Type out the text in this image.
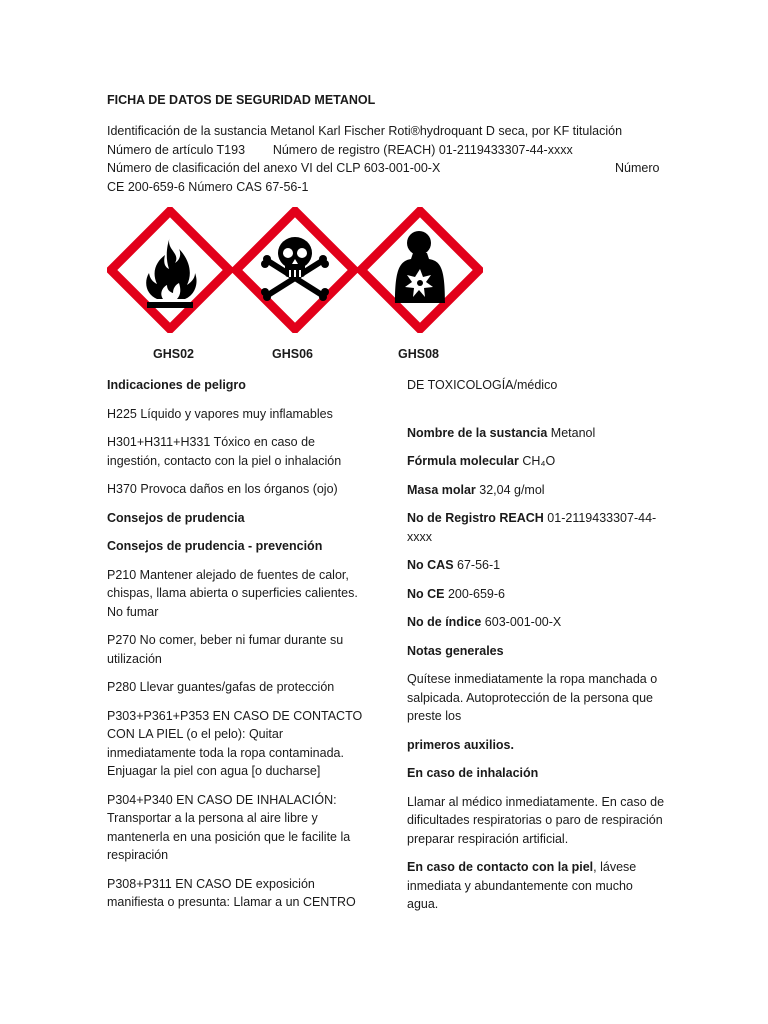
FICHA DE DATOS DE SEGURIDAD METANOL
Identificación de la sustancia Metanol Karl Fischer Roti®hydroquant D seca, por KF titulación
Número de artículo T193        Número de registro (REACH) 01-2119433307-44-xxxx
Número de clasificación del anexo VI del CLP 603-001-00-X	Número
CE 200-659-6 Número CAS 67-56-1
GHS02	GHS06	GHS08

Indicaciones de peligro

H225 Líquido y vapores muy inflamables

H301+H311+H331 Tóxico en caso de ingestión, contacto con la piel o inhalación

H370 Provoca daños en los órganos (ojo)

Consejos de prudencia

Consejos de prudencia - prevención

P210 Mantener alejado de fuentes de calor, chispas, llama abierta o superficies calientes. No fumar

P270 No comer, beber ni fumar durante su utilización

P280 Llevar guantes/gafas de protección

P303+P361+P353 EN CASO DE CONTACTO CON LA PIEL (o el pelo): Quitar inmediatamente toda la ropa contaminada. Enjuagar la piel con agua [o ducharse]

P304+P340 EN CASO DE INHALACIÓN: Transportar a la persona al aire libre y mantenerla en una posición que le facilite la respiración

P308+P311 EN CASO DE exposición manifiesta o presunta: Llamar a un CENTRO

DE TOXICOLOGÍA/médico

Nombre de la sustancia Metanol

Fórmula molecular CH₄O

Masa molar 32,04 g/mol

No de Registro REACH 01-2119433307-44-xxxx

No CAS 67-56-1

No CE 200-659-6

No de índice 603-001-00-X

Notas generales

Quítese inmediatamente la ropa manchada o salpicada. Autoprotección de la persona que preste los

primeros auxilios.

En caso de inhalación

Llamar al médico inmediatamente. En caso de dificultades respiratorias o paro de respiración preparar respiración artificial.

En caso de contacto con la piel, lávese inmediata y abundantemente con mucho agua.
